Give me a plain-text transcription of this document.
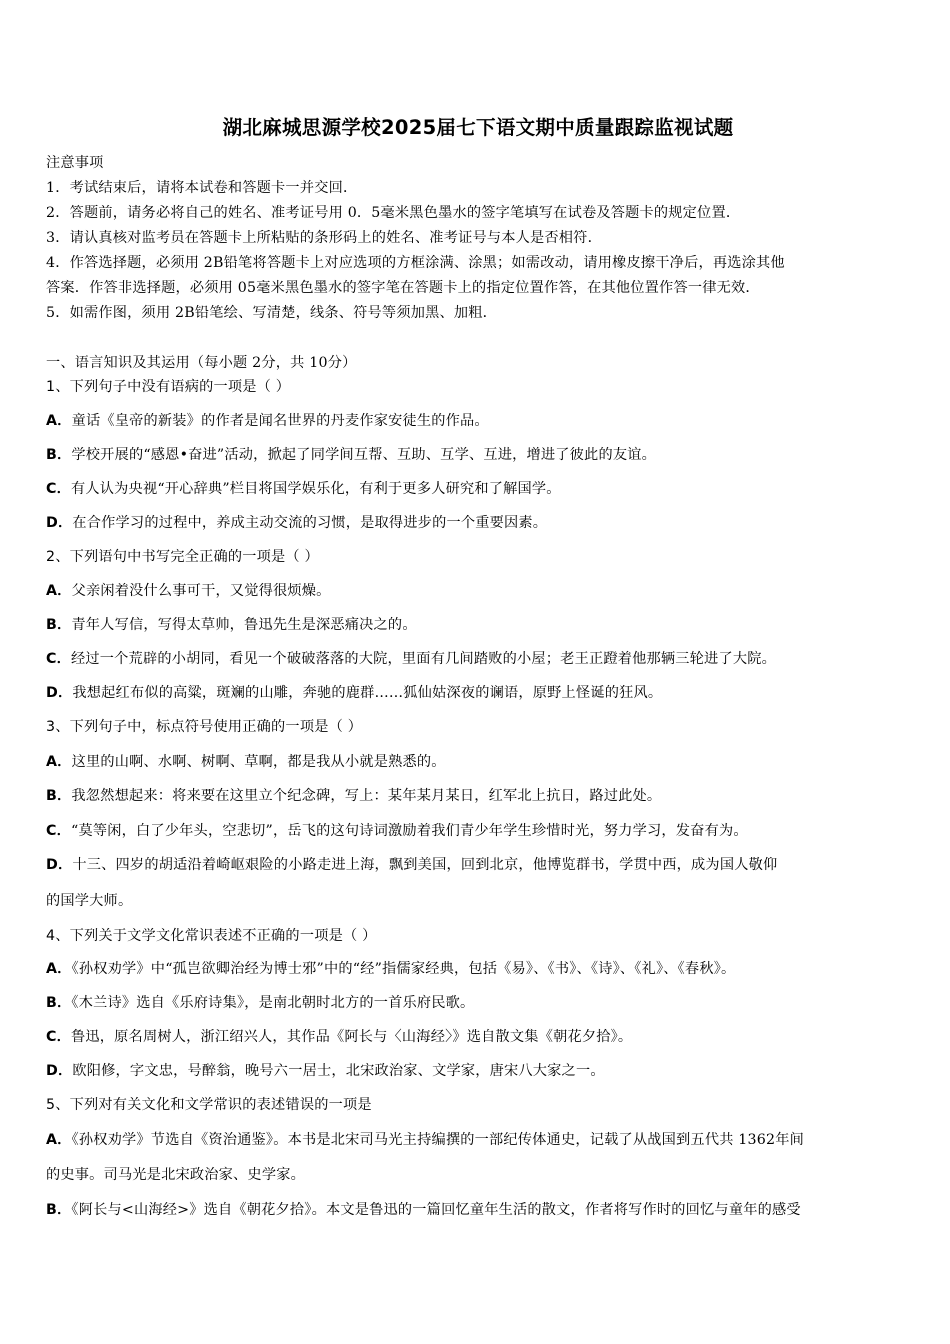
湖北麻城思源学校2025届七下语文期中质量跟踪监视试题
注意事项
1．考试结束后，请将本试卷和答题卡一并交回．
2．答题前，请务必将自己的姓名、准考证号用 0．5毫米黑色墨水的签字笔填写在试卷及答题卡的规定位置．
3．请认真核对监考员在答题卡上所粘贴的条形码上的姓名、准考证号与本人是否相符．
4．作答选择题，必须用 2B铅笔将答题卡上对应选项的方框涂满、涂黑；如需改动，请用橡皮擦干净后，再选涂其他
答案．作答非选择题，必须用 05毫米黑色墨水的签字笔在答题卡上的指定位置作答，在其他位置作答一律无效．
5．如需作图，须用 2B铅笔绘、写清楚，线条、符号等须加黑、加粗．
一、语言知识及其运用（每小题 2分，共 10分）
1、下列句子中没有语病的一项是（ ）
A．童话《皇帝的新装》的作者是闻名世界的丹麦作家安徒生的作品。
B．学校开展的“感恩•奋进”活动，掀起了同学间互帮、互助、互学、互进，增进了彼此的友谊。
C．有人认为央视“开心辞典”栏目将国学娱乐化，有利于更多人研究和了解国学。
D．在合作学习的过程中，养成主动交流的习惯，是取得进步的一个重要因素。
2、下列语句中书写完全正确的一项是（ ）
A．父亲闲着没什么事可干，又觉得很烦燥。
B．青年人写信，写得太草帅，鲁迅先生是深恶痛决之的。
C．经过一个荒辟的小胡同，看见一个破破落落的大院，里面有几间踏败的小屋；老王正蹬着他那辆三轮进了大院。
D．我想起红布似的高粱，斑斓的山雕，奔驰的鹿群……狐仙姑深夜的谰语，原野上怪诞的狂风。
3、下列句子中，标点符号使用正确的一项是（ ）
A．这里的山啊、水啊、树啊、草啊，都是我从小就是熟悉的。
B．我忽然想起来：将来要在这里立个纪念碑，写上：某年某月某日，红军北上抗日，路过此处。
C．“莫等闲，白了少年头，空悲切”，岳飞的这句诗词激励着我们青少年学生珍惜时光，努力学习，发奋有为。
D．十三、四岁的胡适沿着崎岖艰险的小路走进上海，飘到美国，回到北京，他博览群书，学贯中西，成为国人敬仰
的国学大师。
4、下列关于文学文化常识表述不正确的一项是（ ）
A．《孙权劝学》中“孤岂欲卿治经为博士邪”中的“经”指儒家经典，包括《易》、《书》、《诗》、《礼》、《春秋》。
B．《木兰诗》选自《乐府诗集》，是南北朝时北方的一首乐府民歌。
C．鲁迅，原名周树人，浙江绍兴人，其作品《阿长与〈山海经〉》选自散文集《朝花夕拾》。
D．欧阳修，字文忠，号醉翁，晚号六一居士，北宋政治家、文学家，唐宋八大家之一。
5、下列对有关文化和文学常识的表述错误的一项是
A．《孙权劝学》节选自《资治通鉴》。本书是北宋司马光主持编撰的一部纪传体通史，记载了从战国到五代共 1362年间
的史事。司马光是北宋政治家、史学家。
B．《阿长与<山海经>》选自《朝花夕拾》。本文是鲁迅的一篇回忆童年生活的散文，作者将写作时的回忆与童年的感受
